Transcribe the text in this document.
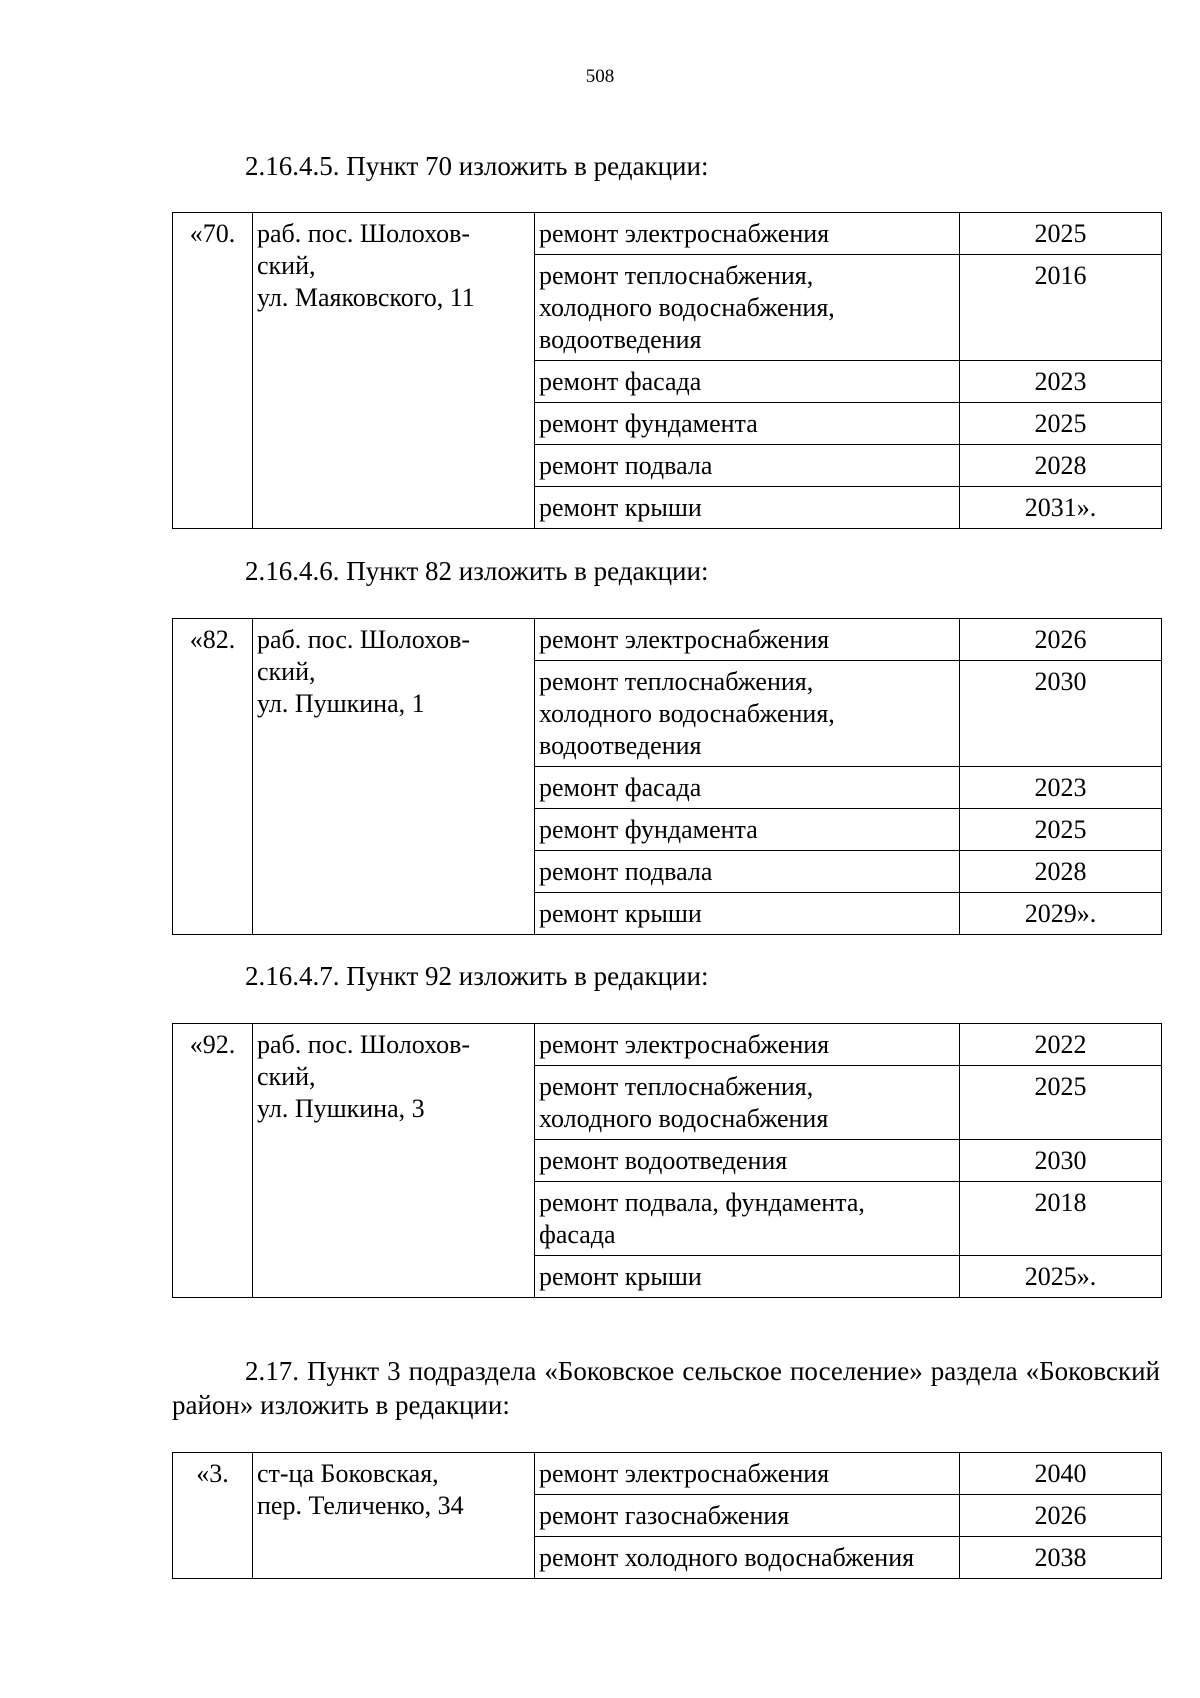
508
2.16.4.5. Пункт 70 изложить в редакции:
«70.	раб. пос. Шолохов-
ский,
ул. Маяковского, 11	ремонт электроснабжения	2025
		ремонт теплоснабжения,
холодного водоснабжения,
водоотведения	2016
		ремонт фасада	2023
		ремонт фундамента	2025
		ремонт подвала	2028
		ремонт крыши	2031».
2.16.4.6. Пункт 82 изложить в редакции:
«82.	раб. пос. Шолохов-
ский,
ул. Пушкина, 1	ремонт электроснабжения	2026
		ремонт теплоснабжения,
холодного водоснабжения,
водоотведения	2030
		ремонт фасада	2023
		ремонт фундамента	2025
		ремонт подвала	2028
		ремонт крыши	2029».
2.16.4.7. Пункт 92 изложить в редакции:
«92.	раб. пос. Шолохов-
ский,
ул. Пушкина, 3	ремонт электроснабжения	2022
		ремонт теплоснабжения,
холодного водоснабжения	2025
		ремонт водоотведения	2030
		ремонт подвала, фундамента,
фасада	2018
		ремонт крыши	2025».
2.17. Пункт 3 подраздела «Боковское сельское поселение» раздела «Боковский район» изложить в редакции:
«3.	ст-ца Боковская,
пер. Теличенко, 34	ремонт электроснабжения	2040
		ремонт газоснабжения	2026
		ремонт холодного водоснабжения	2038
